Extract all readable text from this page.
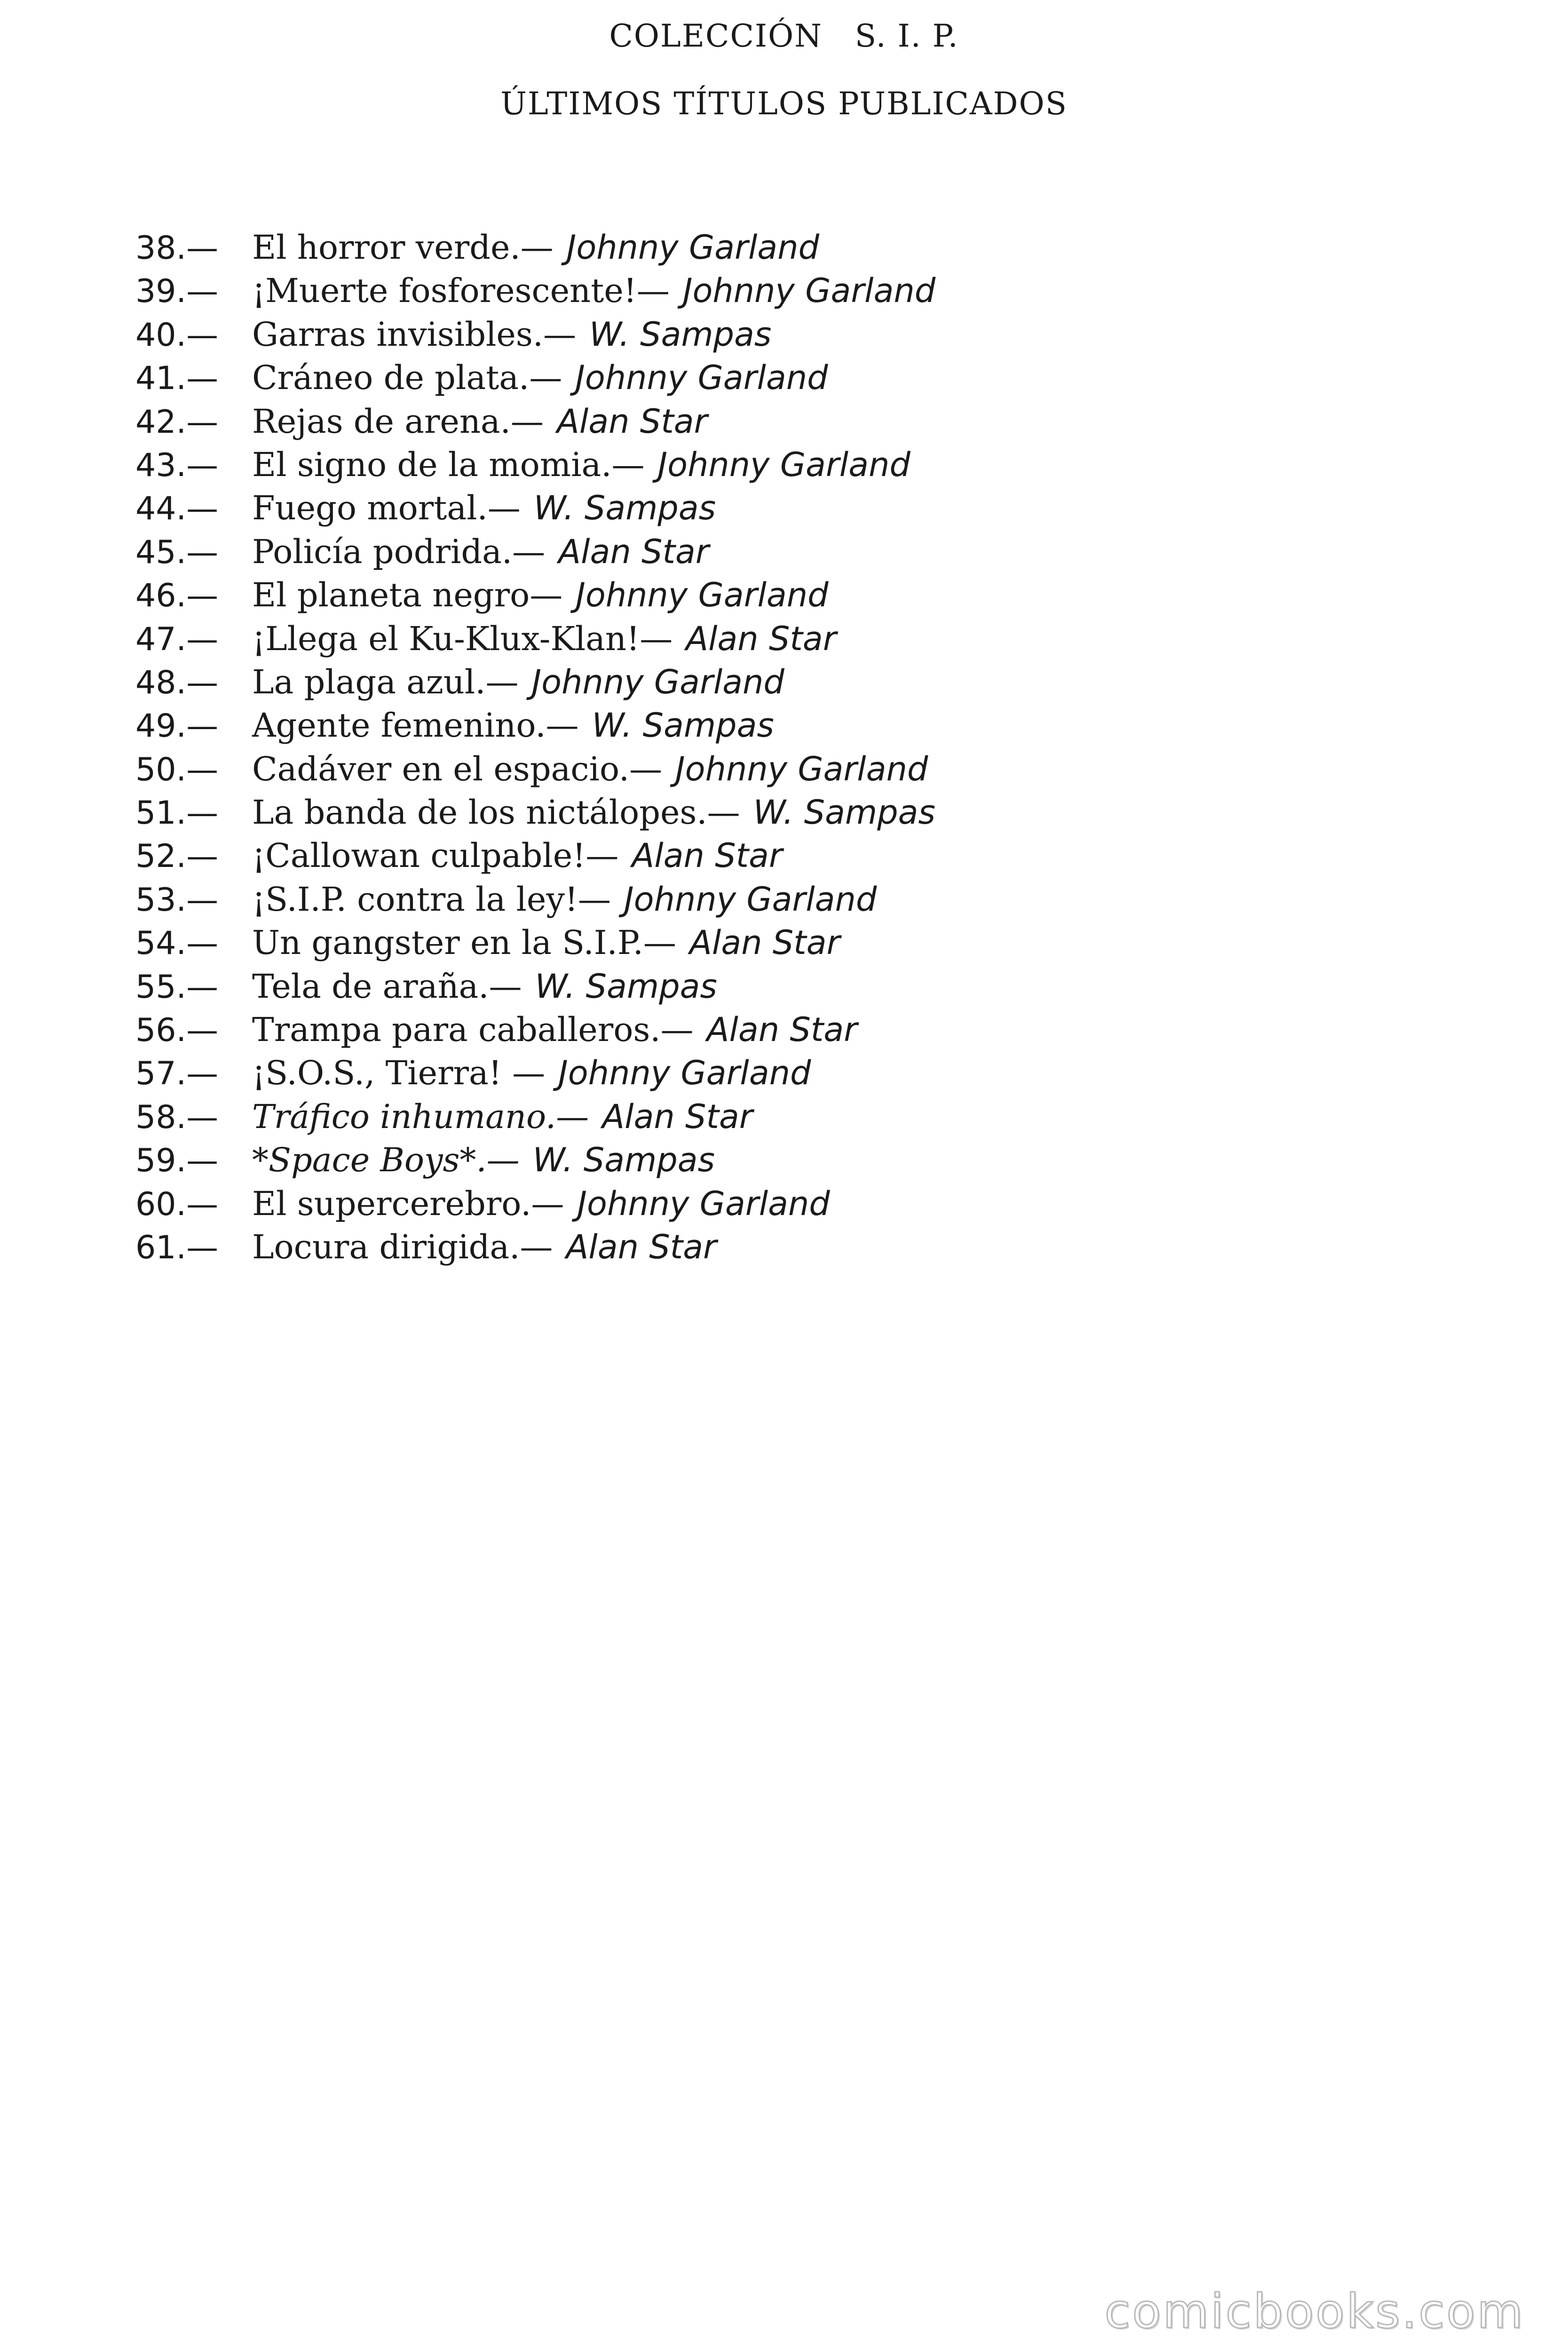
COLECCIÓN   S. I. P.
ÚLTIMOS TÍTULOS PUBLICADOS
38.— El horror verde.— Johnny Garland
39.— ¡Muerte fosforescente!— Johnny Garland
40.— Garras invisibles.— W. Sampas
41.— Cráneo de plata.— Johnny Garland
42.— Rejas de arena.— Alan Star
43.— El signo de la momia.— Johnny Garland
44.— Fuego mortal.— W. Sampas
45.— Policía podrida.— Alan Star
46.— El planeta negro— Johnny Garland
47.— ¡Llega el Ku-Klux-Klan!— Alan Star
48.— La plaga azul.— Johnny Garland
49.— Agente femenino.— W. Sampas
50.— Cadáver en el espacio.— Johnny Garland
51.— La banda de los nictálopes.— W. Sampas
52.— ¡Callowan culpable!— Alan Star
53.— ¡S.I.P. contra la ley!— Johnny Garland
54.— Un gangster en la S.I.P.— Alan Star
55.— Tela de araña.— W. Sampas
56.— Trampa para caballeros.— Alan Star
57.— ¡S.O.S., Tierra! — Johnny Garland
58.— Tráfico inhumano.— Alan Star
59.— *Space Boys*.— W. Sampas
60.— El supercerebro.— Johnny Garland
61.— Locura dirigida.— Alan Star
comicbooks.com
